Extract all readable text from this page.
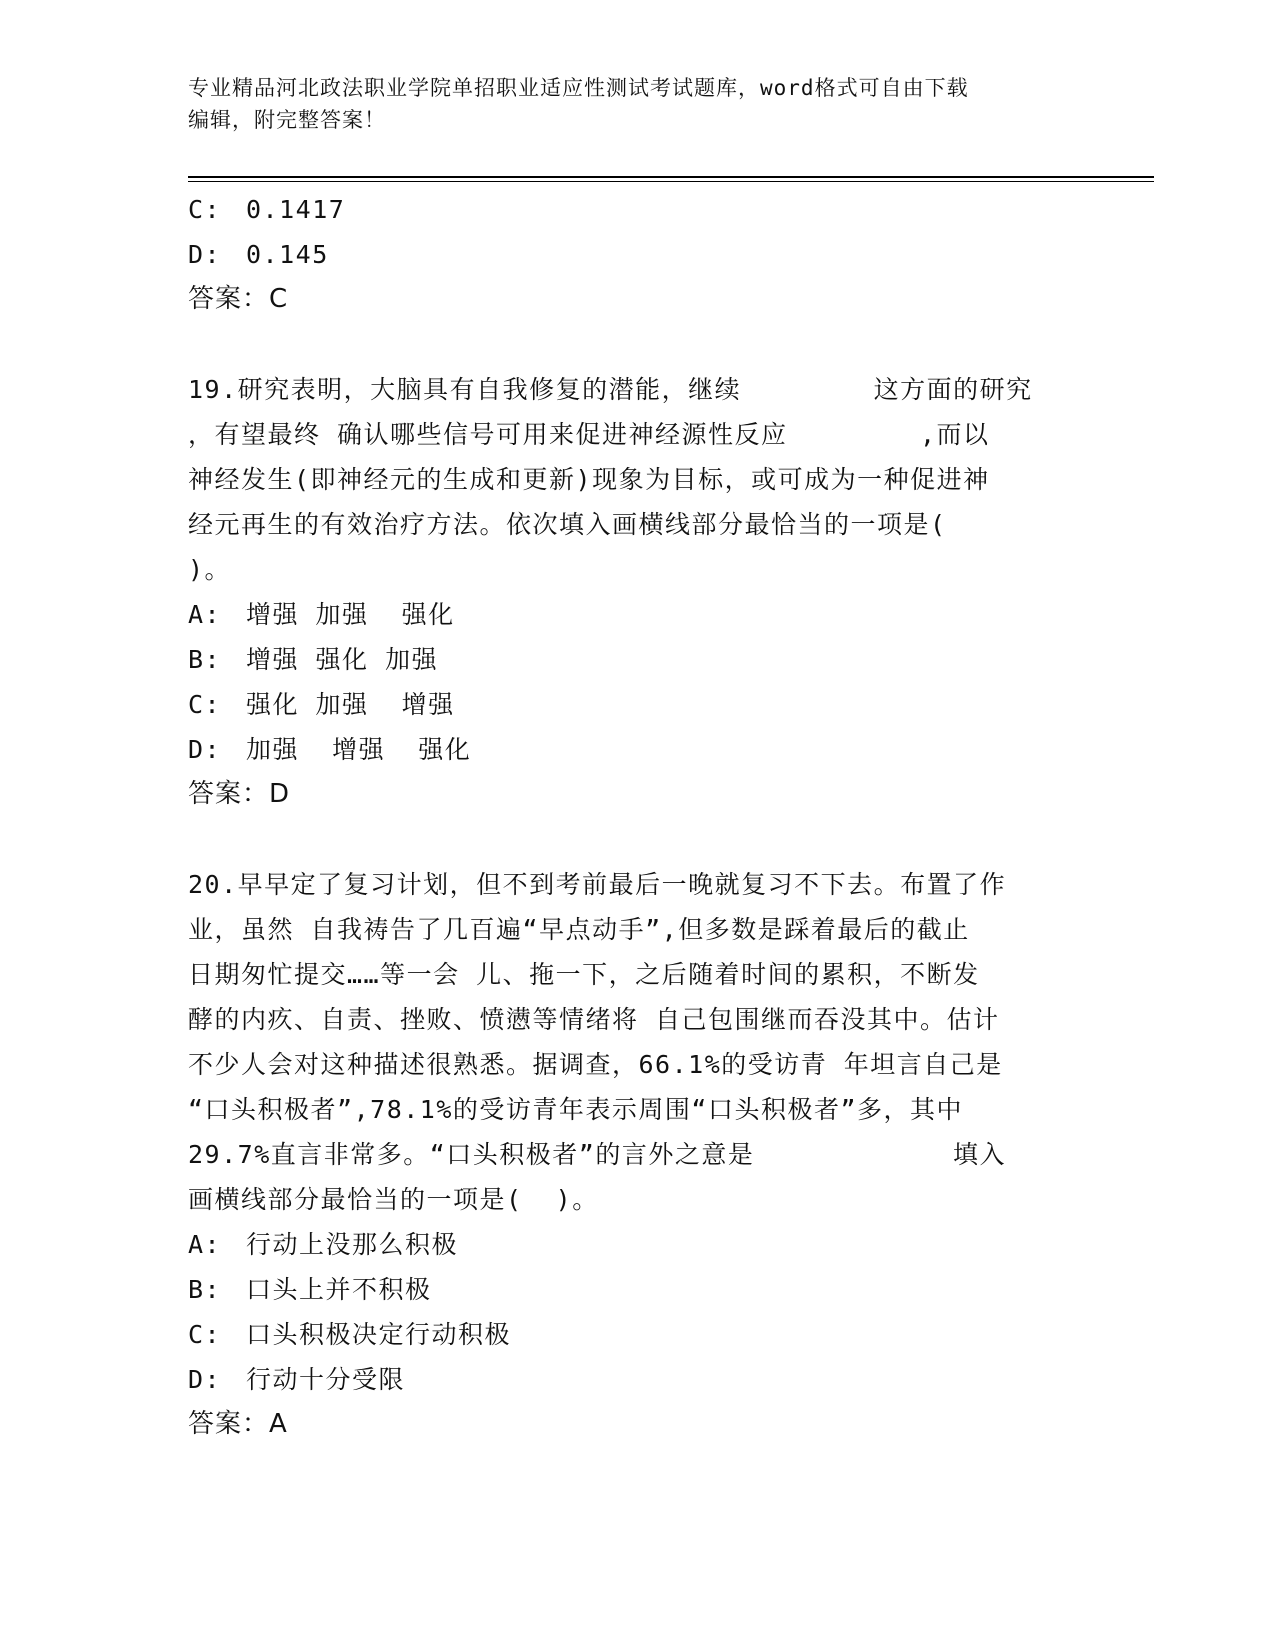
专业精品河北政法职业学院单招职业适应性测试考试题库，word格式可自由下载
编辑，附完整答案！
C: 0.1417
D: 0.145
答案：C
19.研究表明，大脑具有自我修复的潜能，继续        这方面的研究
，有望最终 确认哪些信号可用来促进神经源性反应        ,而以
神经发生(即神经元的生成和更新)现象为目标，或可成为一种促进神
经元再生的有效治疗方法。依次填入画横线部分最恰当的一项是(
)。
A: 增强 加强  强化
B: 增强 强化 加强
C: 强化 加强  增强
D: 加强  增强  强化
答案：D
20.早早定了复习计划，但不到考前最后一晚就复习不下去。布置了作
业，虽然 自我祷告了几百遍“早点动手”,但多数是踩着最后的截止
日期匆忙提交……等一会 儿、拖一下，之后随着时间的累积，不断发
酵的内疚、自责、挫败、愤懑等情绪将 自己包围继而吞没其中。估计
不少人会对这种描述很熟悉。据调查，66.1%的受访青 年坦言自己是
“口头积极者”,78.1%的受访青年表示周围“口头积极者”多，其中
29.7%直言非常多。“口头积极者”的言外之意是            填入
画横线部分最恰当的一项是(  )。
A: 行动上没那么积极
B: 口头上并不积极
C: 口头积极决定行动积极
D: 行动十分受限
答案：A
